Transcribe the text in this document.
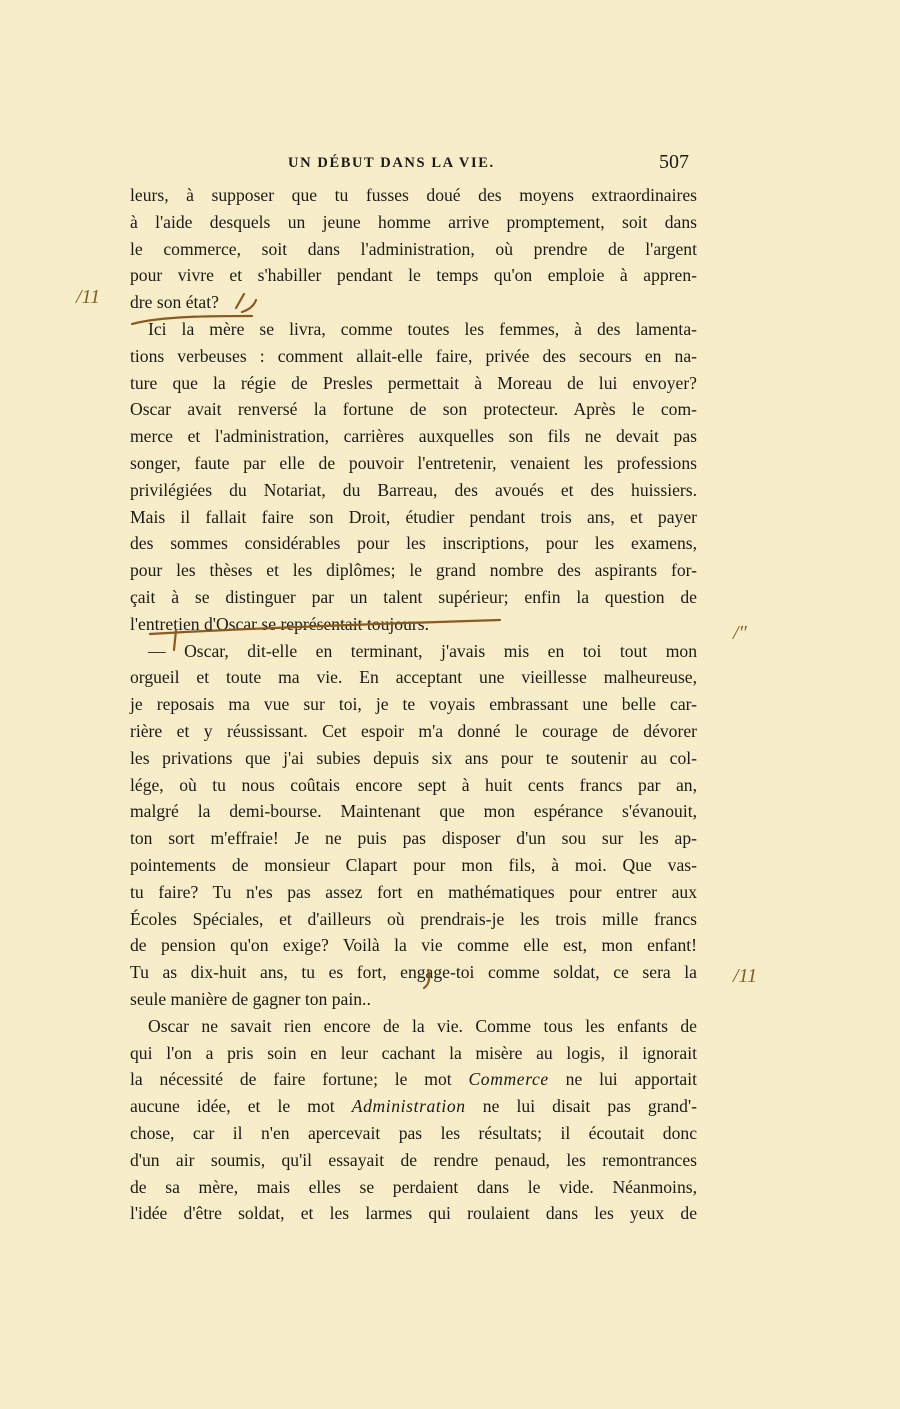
UN DÉBUT DANS LA VIE.	507
leurs, à supposer que tu fusses doué des moyens extraordinaires
à l'aide desquels un jeune homme arrive promptement, soit dans
le commerce, soit dans l'administration, où prendre de l'argent
pour vivre et s'habiller pendant le temps qu'on emploie à appren-
dre son état?
Ici la mère se livra, comme toutes les femmes, à des lamenta-
tions verbeuses : comment allait-elle faire, privée des secours en na-
ture que la régie de Presles permettait à Moreau de lui envoyer?
Oscar avait renversé la fortune de son protecteur. Après le com-
merce et l'administration, carrières auxquelles son fils ne devait pas
songer, faute par elle de pouvoir l'entretenir, venaient les professions
privilégiées du Notariat, du Barreau, des avoués et des huissiers.
Mais il fallait faire son Droit, étudier pendant trois ans, et payer
des sommes considérables pour les inscriptions, pour les examens,
pour les thèses et les diplômes; le grand nombre des aspirants for-
çait à se distinguer par un talent supérieur; enfin la question de
l'entretien d'Oscar se représentait toujours.
— Oscar, dit-elle en terminant, j'avais mis en toi tout mon
orgueil et toute ma vie. En acceptant une vieillesse malheureuse,
je reposais ma vue sur toi, je te voyais embrassant une belle car-
rière et y réussissant. Cet espoir m'a donné le courage de dévorer
les privations que j'ai subies depuis six ans pour te soutenir au col-
lége, où tu nous coûtais encore sept à huit cents francs par an,
malgré la demi-bourse. Maintenant que mon espérance s'évanouit,
ton sort m'effraie! Je ne puis pas disposer d'un sou sur les ap-
pointements de monsieur Clapart pour mon fils, à moi. Que vas-
tu faire? Tu n'es pas assez fort en mathématiques pour entrer aux
Écoles Spéciales, et d'ailleurs où prendrais-je les trois mille francs
de pension qu'on exige? Voilà la vie comme elle est, mon enfant!
Tu as dix-huit ans, tu es fort, engage-toi comme soldat, ce sera la
seule manière de gagner ton pain..
Oscar ne savait rien encore de la vie. Comme tous les enfants de
qui l'on a pris soin en leur cachant la misère au logis, il ignorait
la nécessité de faire fortune; le mot Commerce ne lui apportait
aucune idée, et le mot Administration ne lui disait pas grand'-
chose, car il n'en apercevait pas les résultats; il écoutait donc
d'un air soumis, qu'il essayait de rendre penaud, les remontrances
de sa mère, mais elles se perdaient dans le vide. Néanmoins,
l'idée d'être soldat, et les larmes qui roulaient dans les yeux de
/11
/″
/11
